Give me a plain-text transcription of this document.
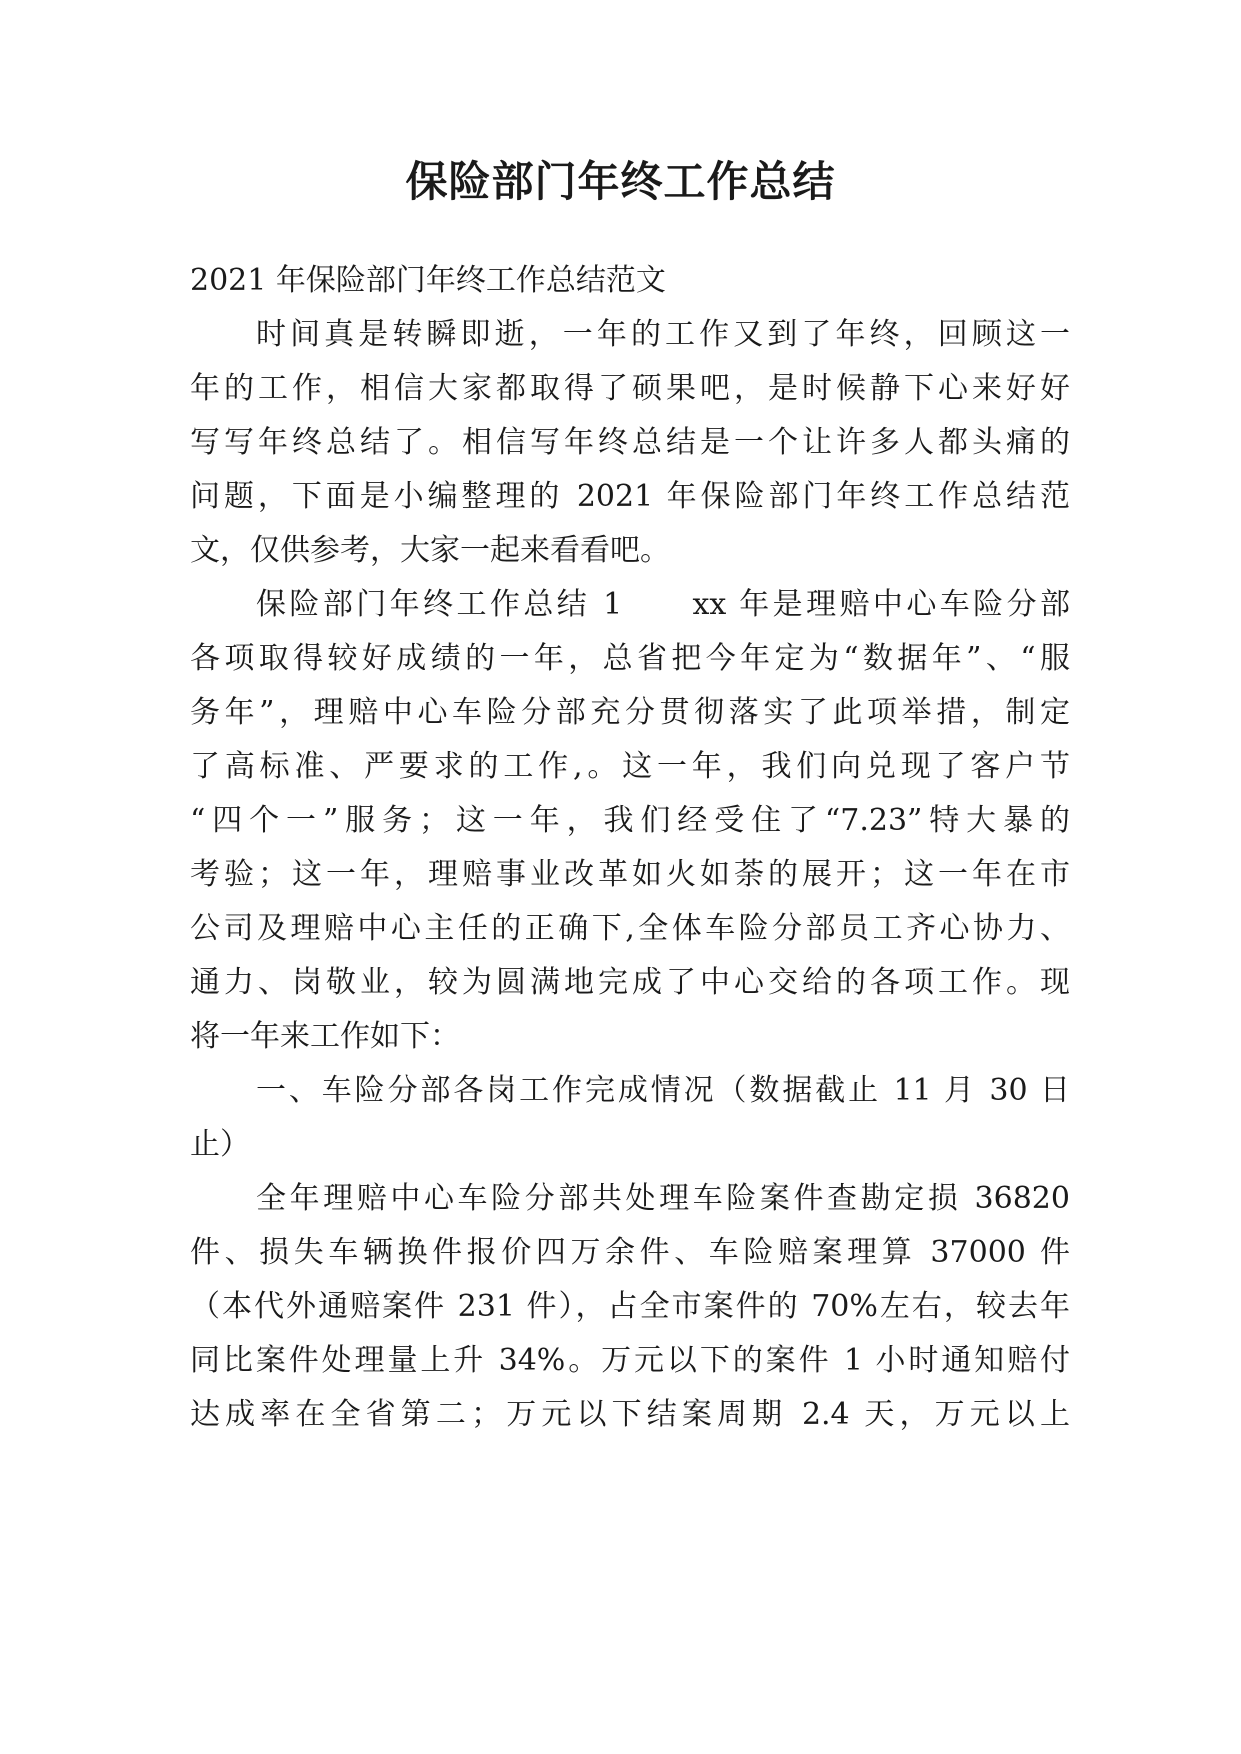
保险部门年终工作总结

2021 年保险部门年终工作总结范文

时间真是转瞬即逝，一年的工作又到了年终，回顾这一

年的工作，相信大家都取得了硕果吧，是时候静下心来好好

写写年终总结了。相信写年终总结是一个让许多人都头痛的

问题，下面是小编整理的 2021 年保险部门年终工作总结范

文，仅供参考，大家一起来看看吧。

保险部门年终工作总结 1　　xx 年是理赔中心车险分部

各项取得较好成绩的一年，总省把今年定为“数据年”、“服

务年”，理赔中心车险分部充分贯彻落实了此项举措，制定

了高标准、严要求的工作,。这一年，我们向兑现了客户节

“四个一”服务；这一年，我们经受住了“7.23”特大暴的

考验；这一年，理赔事业改革如火如荼的展开；这一年在市

公司及理赔中心主任的正确下,全体车险分部员工齐心协力、

通力、岗敬业，较为圆满地完成了中心交给的各项工作。现

将一年来工作如下：

一、车险分部各岗工作完成情况（数据截止 11 月 30 日

止）

全年理赔中心车险分部共处理车险案件查勘定损 36820

件、损失车辆换件报价四万余件、车险赔案理算 37000 件

（本代外通赔案件 231 件），占全市案件的 70%左右，较去年

同比案件处理量上升 34%。万元以下的案件 1 小时通知赔付

达成率在全省第二；万元以下结案周期 2.4 天，万元以上
